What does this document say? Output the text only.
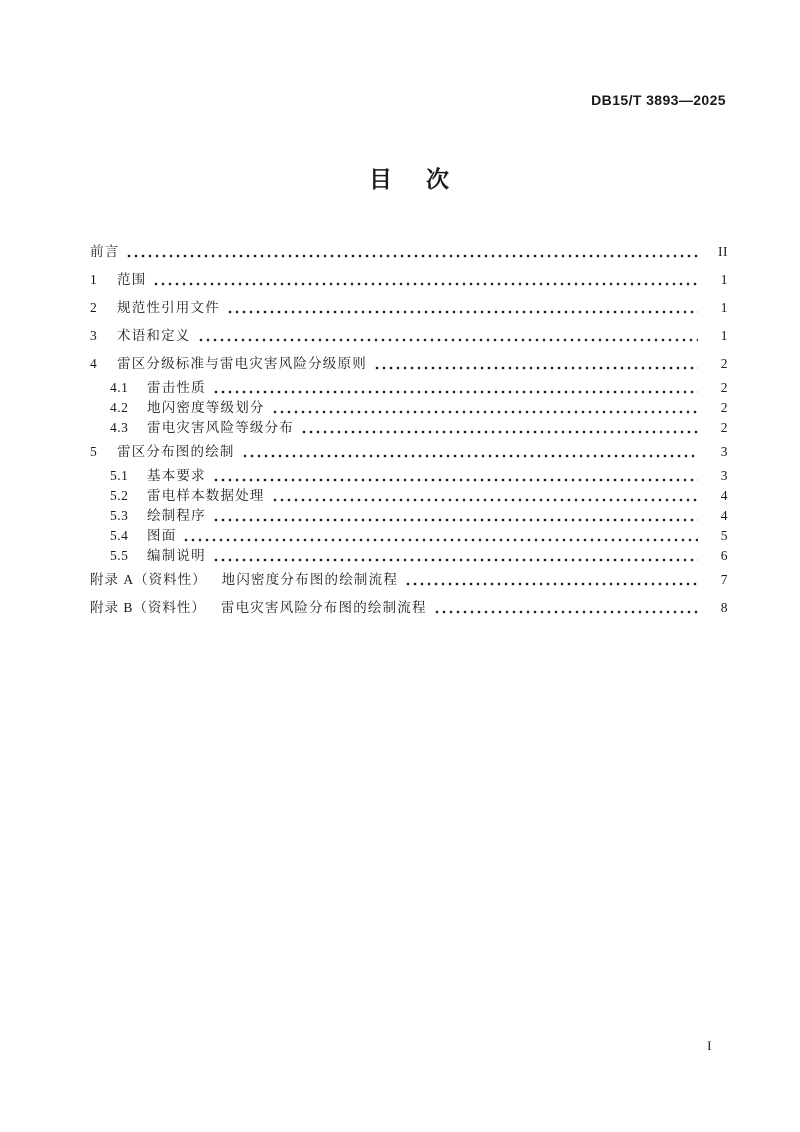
DB15/T 3893—2025
目 次
前言	II
1	范围	1
2	规范性引用文件	1
3	术语和定义	1
4	雷区分级标准与雷电灾害风险分级原则	2
4.1	雷击性质	2
4.2	地闪密度等级划分	2
4.3	雷电灾害风险等级分布	2
5	雷区分布图的绘制	3
5.1	基本要求	3
5.2	雷电样本数据处理	4
5.3	绘制程序	4
5.4	图面	5
5.5	编制说明	6
附录 A（资料性） 地闪密度分布图的绘制流程	7
附录 B（资料性） 雷电灾害风险分布图的绘制流程	8
I
